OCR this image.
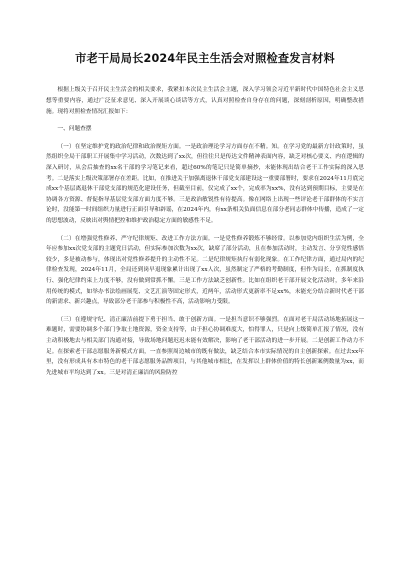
市老干局局长2024年民主生活会对照检查发言材料

根据上级关于召开民主生活会的相关要求，我紧扣本次民主生活会主题，深入学习领会习近平新时代中国特色社会主义思想等重要内容，通过广泛征求意见、深入开展谈心谈话等方式，认真对照检查自身存在的问题，深刻剖析原因，明确整改措施。现将对照检查情况汇报如下：

一、问题查摆

（一）在坚定维护党的政治纪律和政治规矩方面。一是政治理论学习方面存在不精。知。在学习党的最新方针政策时，虽然组织全局干部职工开展集中学习活动，次数达到了xx次，但往往只是传达文件精神表面内容，缺乏对核心要义、内在逻辑的深入研讨，从会后抽查的xx名干部的学习笔记来看，超过60%的笔记只是简单摘抄，未能体现出结合老干工作实际的深入思考。二是落实上级决策部署存在差距。比如，在推进关于加强离退休干部党支部建设这一重要部署时，要求在2024年11月底完成xx个基层离退休干部党支部的规范化建设任务，但截至目前，仅完成了xx个，完成率为xx%，没有达到预期目标，主要是在协调各方资源、督促指导基层党支部方面力度不够。三是政治敏锐性有待提高。像在网络上出现一些评论老干部群体的不实言论时，没能第一时间组织力量进行正面引导和辟谣，在2024年内，有xx条相关负面信息在部分老同志群体中传播，造成了一定的思想波动，反映出对舆情把控和维护政治稳定方面的敏感性不足。

（二）在增强党性修养、严守纪律规矩、改进工作方法方面。一是党性修养锻炼不够经常。以参加党内组织生活为例，全年应参加xx次党支部的主题党日活动，但实际参加次数为xx次，缺席了部分活动，且在参加活动时，主动发言、分享党性感悟较少，多是被动参与，体现出对党性修养提升的主动性不足。二是纪律规矩执行有弱化现象。在工作纪律方面，通过局内的纪律检查发现，2024年11月，全局还到岗早退现象累计出现了xx人次，虽然制定了严格的考勤制度，但作为局长，在抓制度执行、强化纪律约束上力度不够，没有做到常抓不懈。三是工作方法缺乏创新性。比如在组织老干部开展文化活动时，多年来沿用传统的模式，如举办书法绘画展览、文艺汇演等固定形式，近两年，活动形式更新率不足xx%，未能充分结合新时代老干部的新需求、新兴趣点，导致部分老干部参与积极性不高，活动影响力受限。

（三）在遵规守纪、清正廉洁前提下勇于担当、敢于创新方面。一是担当意识不够强烈。在面对老干局活动场地拓展这一难题时，需要协调多个部门争取土地资源，资金支持等，由于担心协调难度大，怕得罪人，只是向上级简单汇报了情况，没有主动积极地去与相关部门沟通对接，导致场地问题迟迟未能有效解决，影响了老干部活动的进一步开展。二是创新工作动力不足。在探索老干部志愿服务新模式方面，一直参照周边城市的既有做法，缺乏结合本市实际情况的自主创新探索。在过去xx年里，没有形成具有本市特色的老干部志愿服务品牌项目，与其他城市相比，在发挥以上群体价值的特长创新案例数量为xx，而先进城市平均达到了xx。三是对清正廉洁的风险防控
